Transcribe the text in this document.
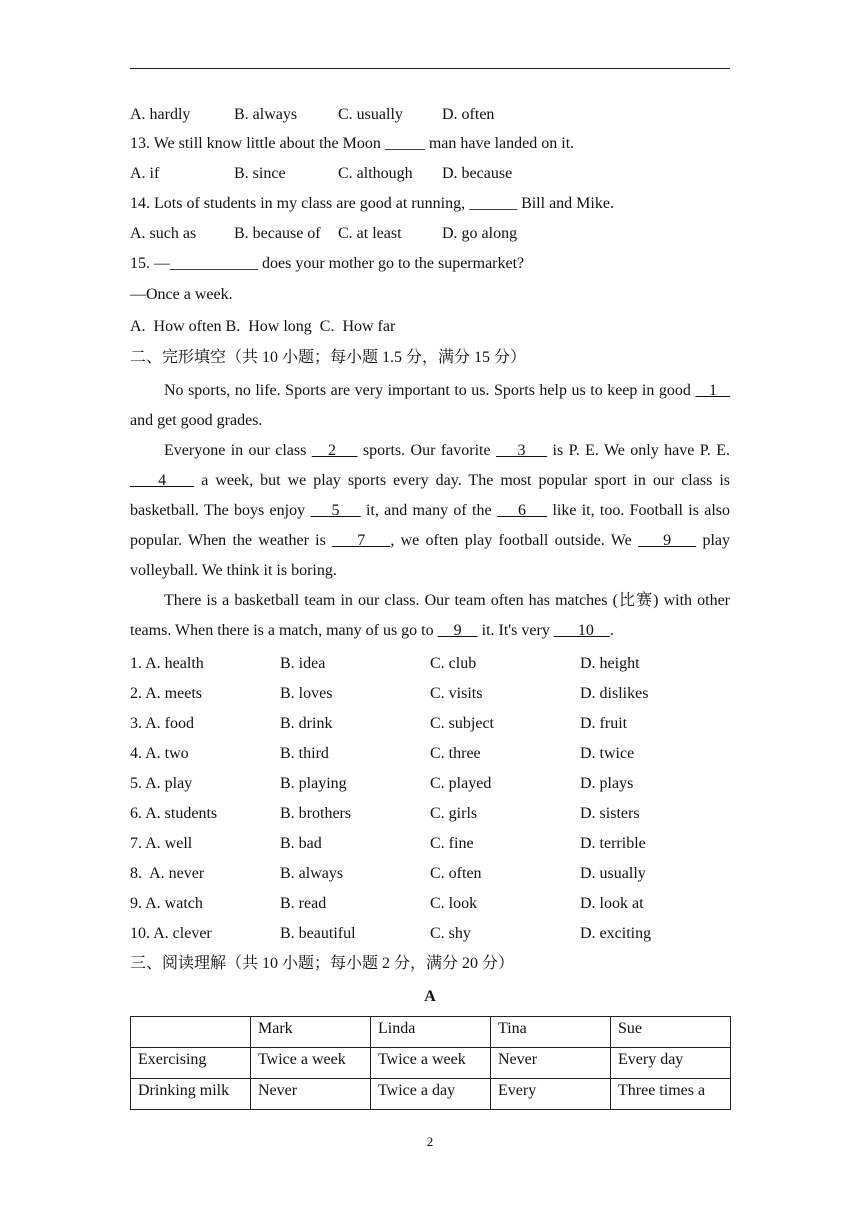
A. hardly	B. always	C. usually D. often
13. We still know little about the Moon _____ man have landed on it.
A. if	B. since	C. although D. because
14. Lots of students in my class are good at running, ______ Bill and Mike.
A. such as B. because of C. at least	D. go along
15. —___________ does your mother go to the supermarket?
—Once a week.
A.  How often B.  How long  C.  How far
二、完形填空（共 10 小题；每小题 1.5 分，满分 15 分）
No sports, no life. Sports are very important to us. Sports help us to keep in good    1    and get good grades.
Everyone in our class    2     sports. Our favorite     3     is P. E. We only have P. E.     4     a week, but we play sports every day. The most popular sport in our class is basketball. The boys enjoy     5     it, and many of the     6     like it, too. Football is also popular. When the weather is     7    , we often play football outside. We     9     play volleyball. We think it is boring.
There is a basketball team in our class. Our team often has matches (比赛) with other teams. When there is a match, many of us go to     9     it. It's very       10    .
1. A. health	B. idea	C. club	D. height
2. A. meets	B. loves	C. visits	D. dislikes
3. A. food	B. drink	C. subject	D. fruit
4. A. two	B. third	C. three	D. twice
5. A. play	B. playing	C. played	D. plays
6. A. students	B. brothers	C. girls	D. sisters
7. A. well	B. bad	C. fine	D. terrible
8.  A. never	B. always	C. often	D. usually
9. A. watch	B. read	C. look	D. look at
10. A. clever	B. beautiful	C. shy	D. exciting
三、阅读理解（共 10 小题；每小题 2 分，满分 20 分）
A
	Mark	Linda	Tina	Sue
Exercising	Twice a week	Twice a week	Never	Every day
Drinking milk	Never	Twice a day	Every	Three times a
2
